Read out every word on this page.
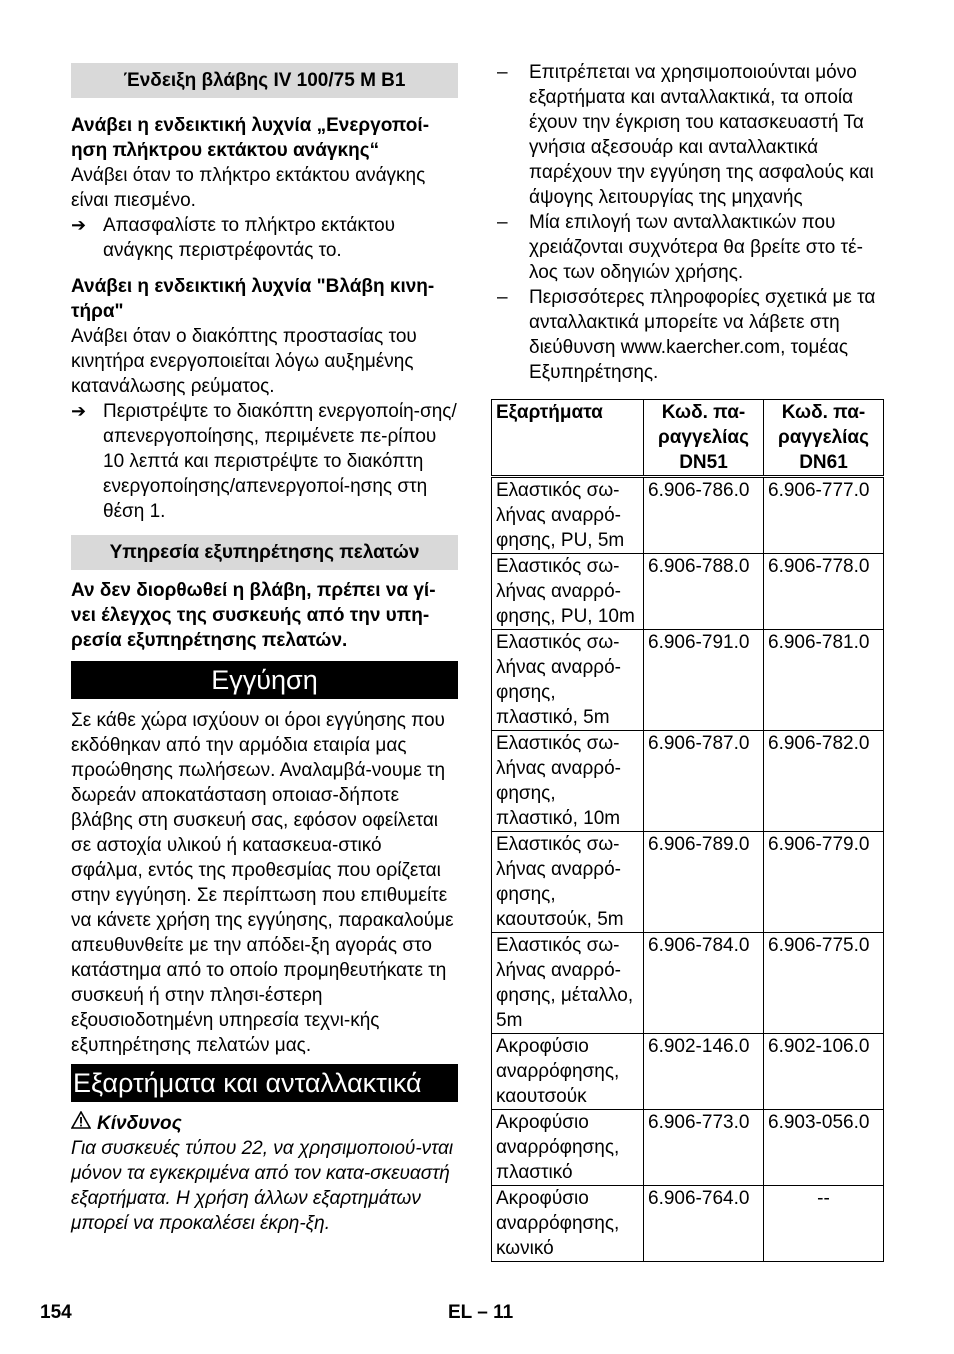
Ένδειξη βλάβης IV 100/75 M B1
Ανάβει η ενδεικτική λυχνία „Ενεργοποί-ηση πλήκτρου εκτάκτου ανάγκης“
Ανάβει όταν το πλήκτρο εκτάκτου ανάγκης είναι πιεσμένο.
➔ Απασφαλίστε το πλήκτρο εκτάκτου ανάγκης περιστρέφοντάς το.
Ανάβει η ενδεικτική λυχνία "Βλάβη κινη-τήρα"
Ανάβει όταν ο διακόπτης προστασίας του κινητήρα ενεργοποιείται λόγω αυξημένης κατανάλωσης ρεύματος.
➔ Περιστρέψτε το διακόπτη ενεργοποίη-σης/απενεργοποίησης, περιμένετε πε-ρίπου 10 λεπτά και περιστρέψτε το διακόπτη ενεργοποίησης/απενεργοποί-ησης στη θέση 1.
Υπηρεσία εξυπηρέτησης πελατών
Αν δεν διορθωθεί η βλάβη, πρέπει να γί-νει έλεγχος της συσκευής από την υπη-ρεσία εξυπηρέτησης πελατών.
Εγγύηση
Σε κάθε χώρα ισχύουν οι όροι εγγύησης που εκδόθηκαν από την αρμόδια εταιρία μας προώθησης πωλήσεων. Αναλαμβά-νουμε τη δωρεάν αποκατάσταση οποιασ-δήποτε βλάβης στη συσκευή σας, εφόσον οφείλεται σε αστοχία υλικού ή κατασκευα-στικό σφάλμα, εντός της προθεσμίας που ορίζεται στην εγγύηση. Σε περίπτωση που επιθυμείτε να κάνετε χρήση της εγγύησης, παρακαλούμε απευθυνθείτε με την απόδει-ξη αγοράς στο κατάστημα από το οποίο προμηθευτήκατε τη συσκευή ή στην πλησι-έστερη εξουσιοδοτημένη υπηρεσία τεχνι-κής εξυπηρέτησης πελατών μας.
Εξαρτήματα και ανταλλακτικά
Κίνδυνος
Για συσκευές τύπου 22, να χρησιμοποιού-νται μόνον τα εγκεκριμένα από τον κατα-σκευαστή εξαρτήματα. Η χρήση άλλων εξαρτημάτων μπορεί να προκαλέσει έκρη-ξη.
–	Επιτρέπεται να χρησιμοποιούνται μόνο εξαρτήματα και ανταλλακτικά, τα οποία έχουν την έγκριση του κατασκευαστή Τα γνήσια αξεσουάρ και ανταλλακτικά παρέχουν την εγγύηση της ασφαλούς και άψογης λειτουργίας της μηχανής
–	Μία επιλογή των ανταλλακτικών που χρειάζονται συχνότερα θα βρείτε στο τέ-λος των οδηγιών χρήσης.
–	Περισσότερες πληροφορίες σχετικά με τα ανταλλακτικά μπορείτε να λάβετε στη διεύθυνση www.kaercher.com, τομέας Εξυπηρέτησης.
Εξαρτήματα	Κωδ. πα-ραγγελίας DN51	Κωδ. πα-ραγγελίας DN61
Ελαστικός σω-λήνας αναρρό-φησης, PU, 5m	6.906-786.0	6.906-777.0
Ελαστικός σω-λήνας αναρρό-φησης, PU, 10m	6.906-788.0	6.906-778.0
Ελαστικός σω-λήνας αναρρό-φησης, πλαστικό, 5m	6.906-791.0	6.906-781.0
Ελαστικός σω-λήνας αναρρό-φησης, πλαστικό, 10m	6.906-787.0	6.906-782.0
Ελαστικός σω-λήνας αναρρό-φησης, καουτσούκ, 5m	6.906-789.0	6.906-779.0
Ελαστικός σω-λήνας αναρρό-φησης, μέταλλο, 5m	6.906-784.0	6.906-775.0
Ακροφύσιο αναρρόφησης, καουτσούκ	6.902-146.0	6.902-106.0
Ακροφύσιο αναρρόφησης, πλαστικό	6.906-773.0	6.903-056.0
Ακροφύσιο αναρρόφησης, κωνικό	6.906-764.0	--
154	EL – 11
